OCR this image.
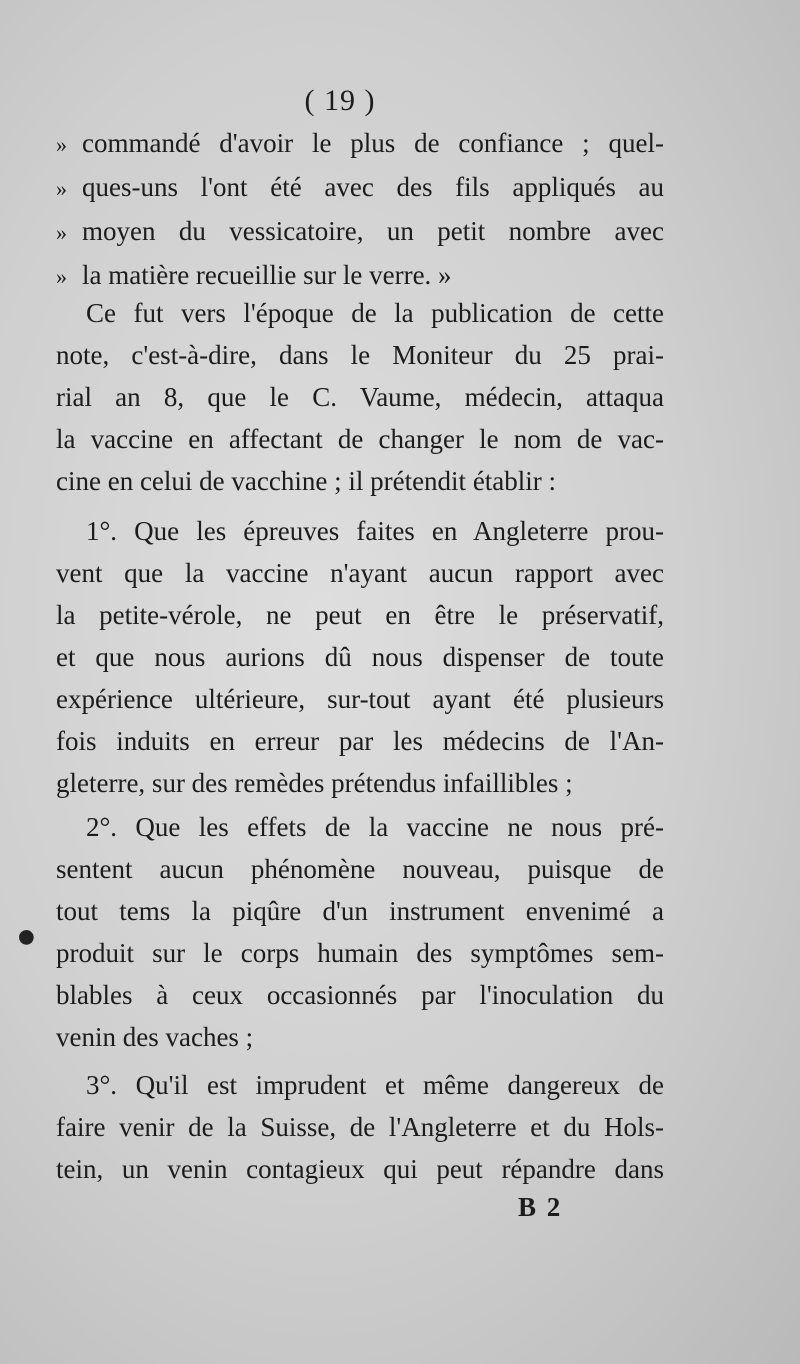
( 19 )
» commandé d'avoir le plus de confiance ; quel-
» ques-uns l'ont été avec des fils appliqués au
» moyen du vessicatoire, un petit nombre avec
» la matière recueillie sur le verre. »
Ce fut vers l'époque de la publication de cette
note, c'est-à-dire, dans le Moniteur du 25 prai-
rial an 8, que le C. Vaume, médecin, attaqua
la vaccine en affectant de changer le nom de vac-
cine en celui de vacchine ; il prétendit établir :
1°. Que les épreuves faites en Angleterre prou-
vent que la vaccine n'ayant aucun rapport avec
la petite-vérole, ne peut en être le préservatif,
et que nous aurions dû nous dispenser de toute
expérience ultérieure, sur-tout ayant été plusieurs
fois induits en erreur par les médecins de l'An-
gleterre, sur des remèdes prétendus infaillibles ;
2°. Que les effets de la vaccine ne nous pré-
sentent aucun phénomène nouveau, puisque de
tout tems la piqûre d'un instrument envenimé a
produit sur le corps humain des symptômes sem-
blables à ceux occasionnés par l'inoculation du
venin des vaches ;
3°. Qu'il est imprudent et même dangereux de
faire venir de la Suisse, de l'Angleterre et du Hols-
tein, un venin contagieux qui peut répandre dans
B 2
●
